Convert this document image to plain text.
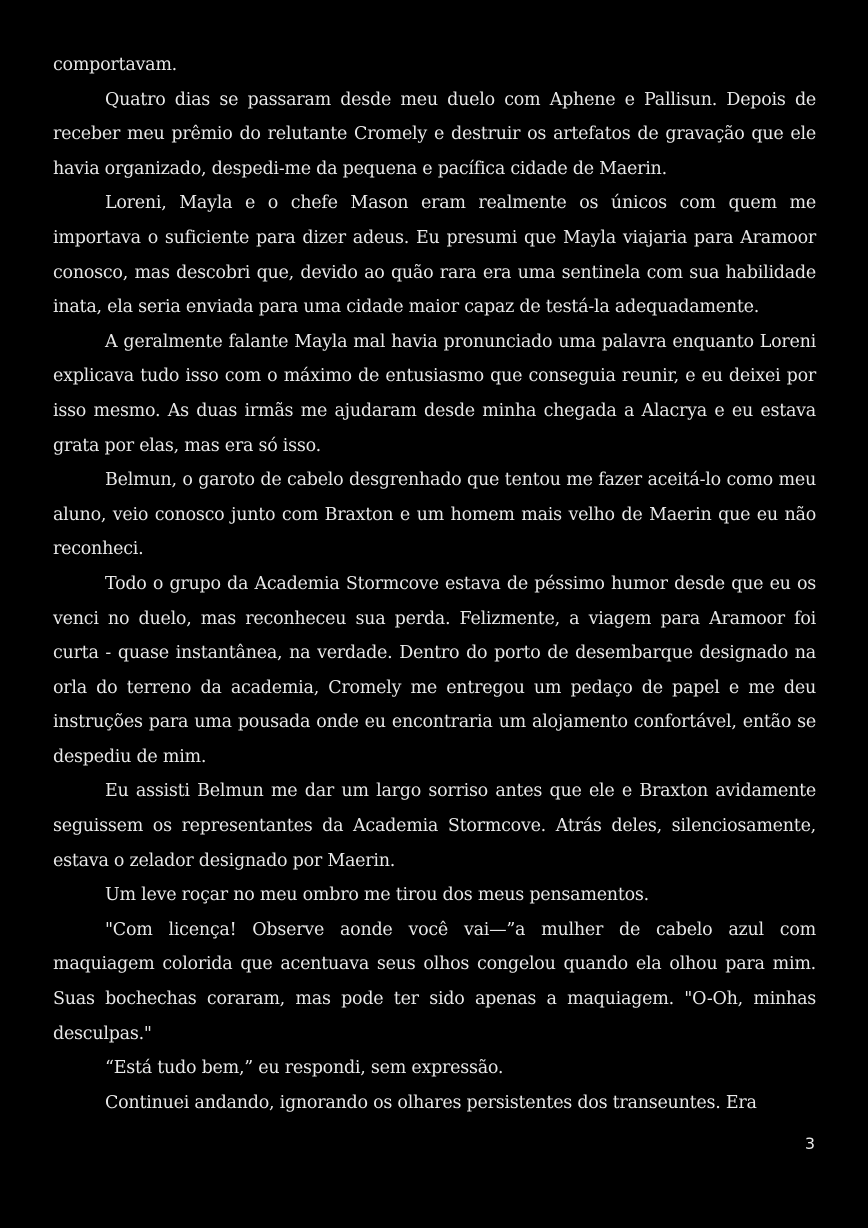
comportavam.

Quatro dias se passaram desde meu duelo com Aphene e Pallisun. Depois de receber meu prêmio do relutante Cromely e destruir os artefatos de gravação que ele havia organizado, despedi-me da pequena e pacífica cidade de Maerin.

Loreni, Mayla e o chefe Mason eram realmente os únicos com quem me importava o suficiente para dizer adeus. Eu presumi que Mayla viajaria para Aramoor conosco, mas descobri que, devido ao quão rara era uma sentinela com sua habilidade inata, ela seria enviada para uma cidade maior capaz de testá-la adequadamente.

A geralmente falante Mayla mal havia pronunciado uma palavra enquanto Loreni explicava tudo isso com o máximo de entusiasmo que conseguia reunir, e eu deixei por isso mesmo. As duas irmãs me ajudaram desde minha chegada a Alacrya e eu estava grata por elas, mas era só isso.

Belmun, o garoto de cabelo desgrenhado que tentou me fazer aceitá-lo como meu aluno, veio conosco junto com Braxton e um homem mais velho de Maerin que eu não reconheci.

Todo o grupo da Academia Stormcove estava de péssimo humor desde que eu os venci no duelo, mas reconheceu sua perda. Felizmente, a viagem para Aramoor foi curta - quase instantânea, na verdade. Dentro do porto de desembarque designado na orla do terreno da academia, Cromely me entregou um pedaço de papel e me deu instruções para uma pousada onde eu encontraria um alojamento confortável, então se despediu de mim.

Eu assisti Belmun me dar um largo sorriso antes que ele e Braxton avidamente seguissem os representantes da Academia Stormcove. Atrás deles, silenciosamente, estava o zelador designado por Maerin.

Um leve roçar no meu ombro me tirou dos meus pensamentos.

"Com licença! Observe aonde você vai—”a mulher de cabelo azul com maquiagem colorida que acentuava seus olhos congelou quando ela olhou para mim. Suas bochechas coraram, mas pode ter sido apenas a maquiagem. "O-Oh, minhas desculpas."

“Está tudo bem,” eu respondi, sem expressão.

Continuei andando, ignorando os olhares persistentes dos transeuntes. Era

3
